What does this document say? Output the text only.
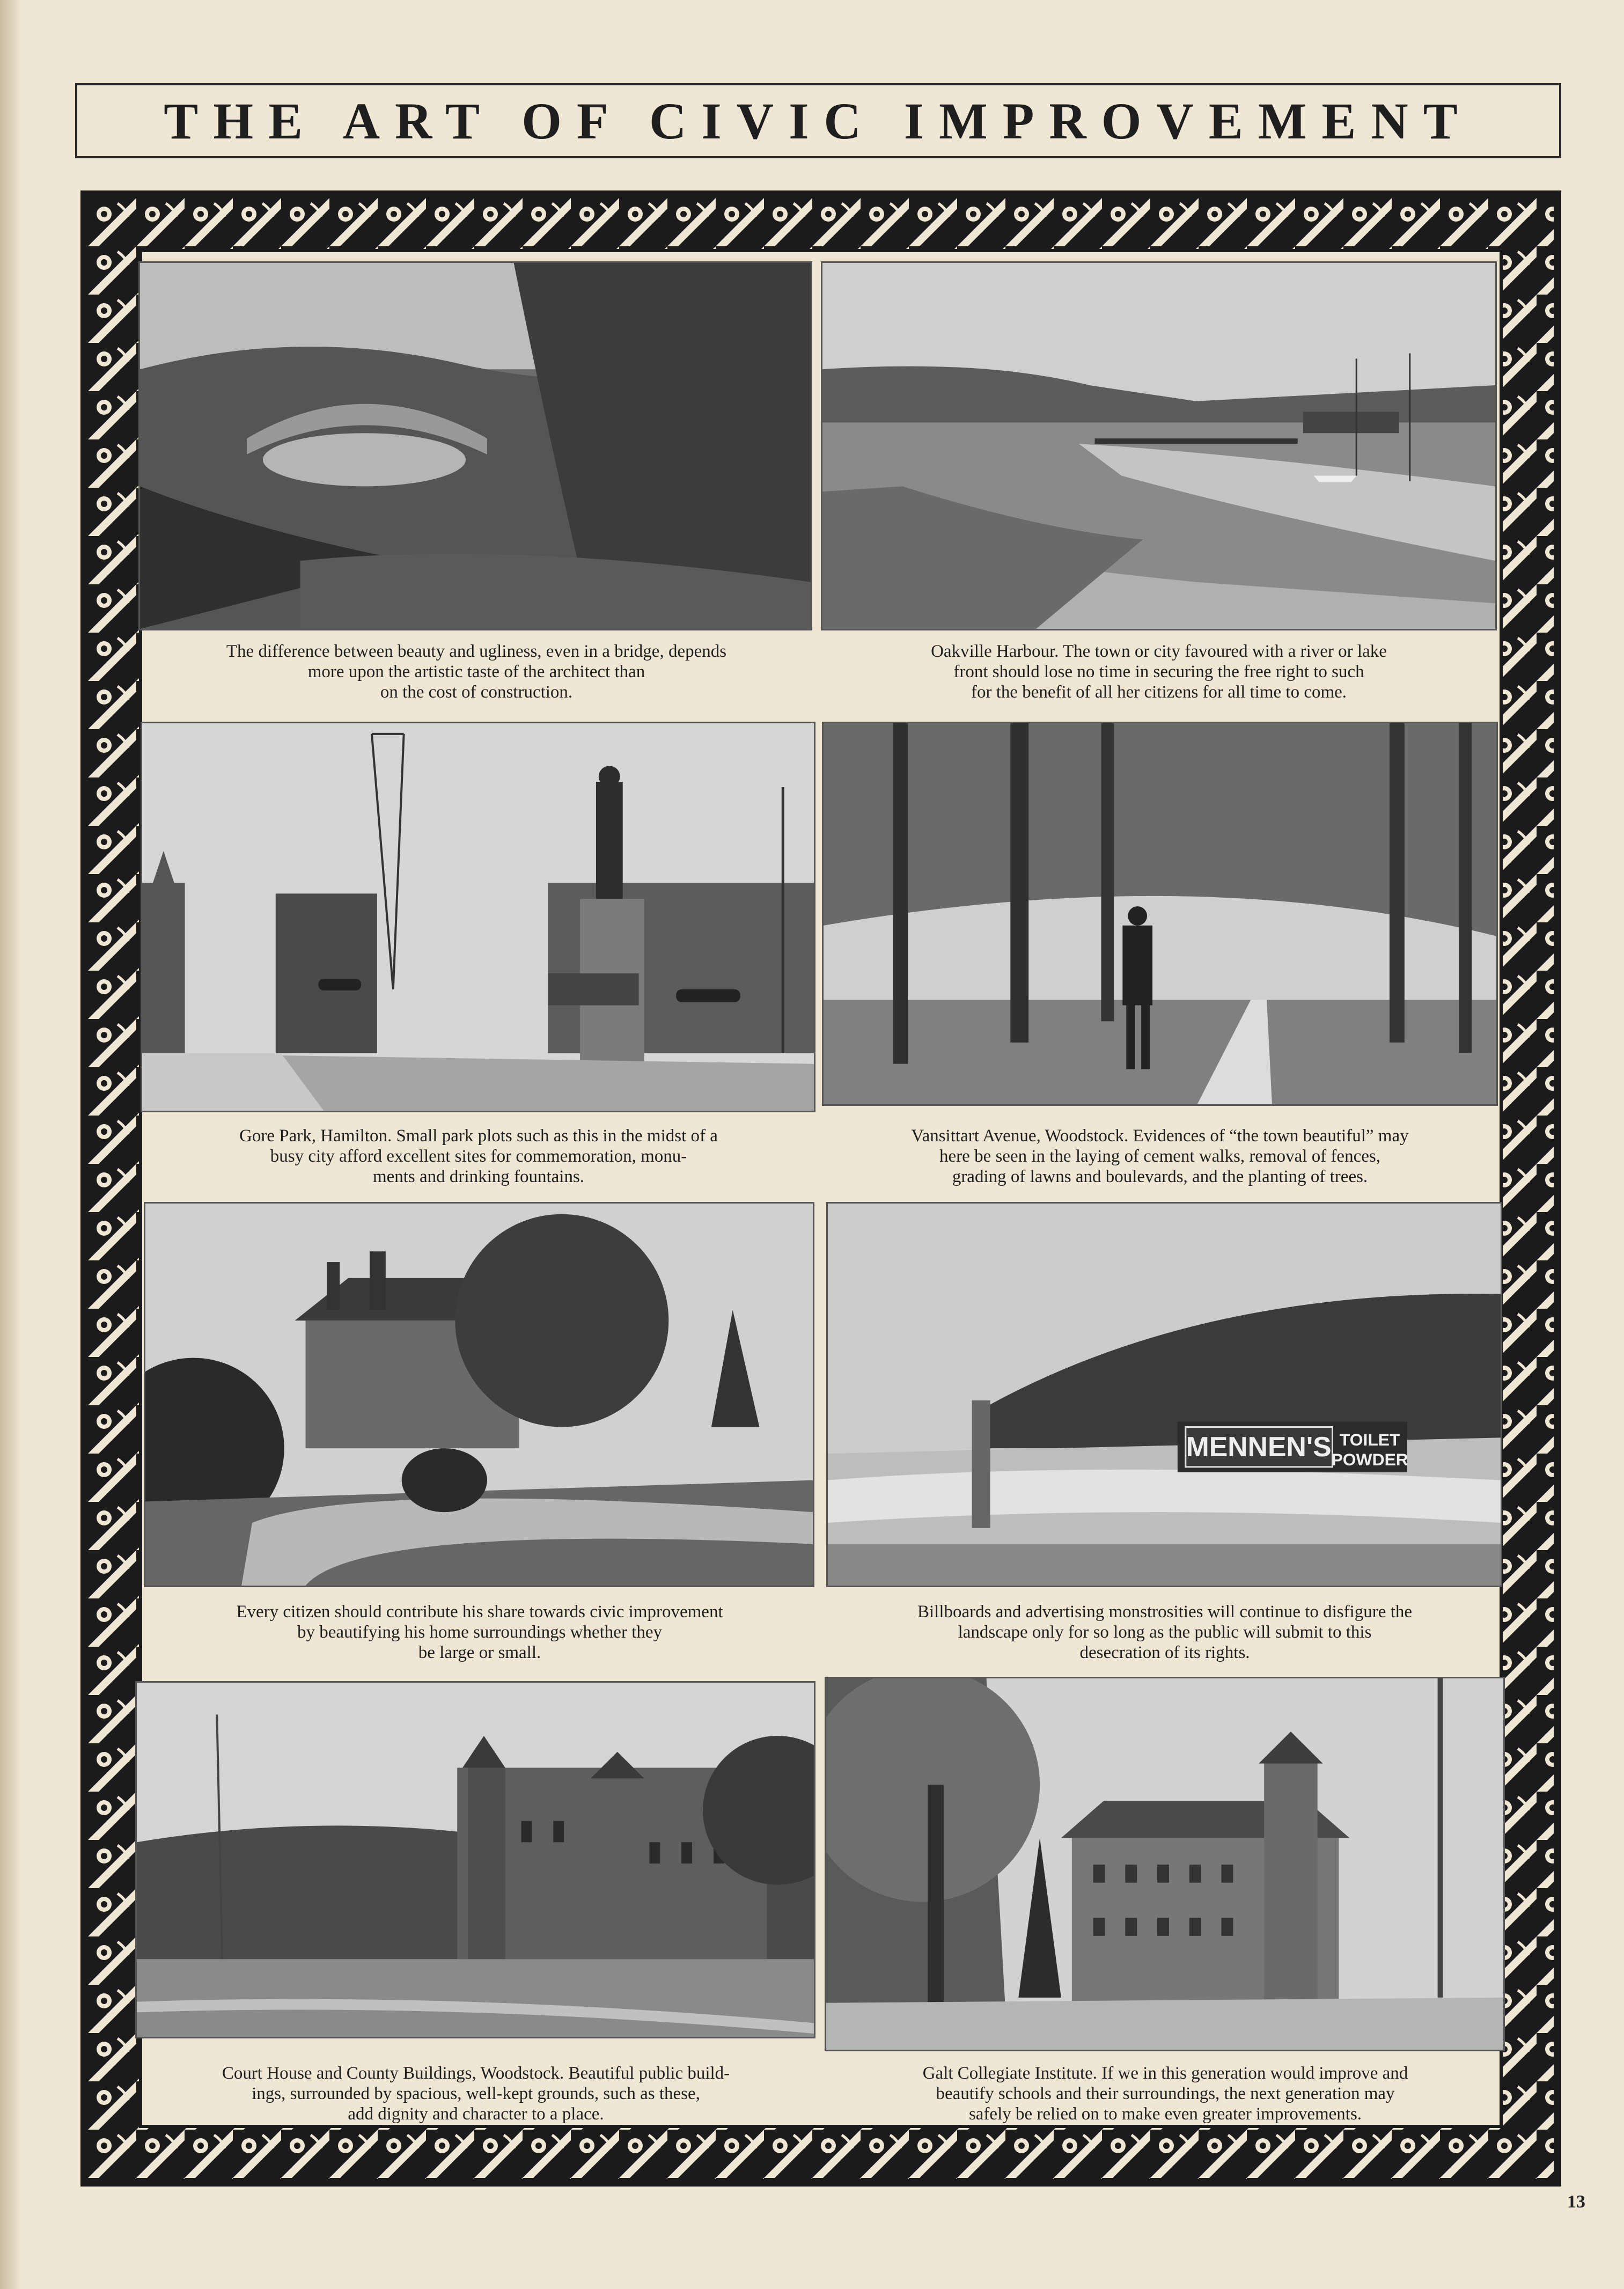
THE ART OF CIVIC IMPROVEMENT
MENNEN'S TOILET
POWDER
The difference between beauty and ugliness, even in a bridge, depends
more upon the artistic taste of the architect than
on the cost of construction.
Oakville Harbour. The town or city favoured with a river or lake
front should lose no time in securing the free right to such
for the benefit of all her citizens for all time to come.
Gore Park, Hamilton. Small park plots such as this in the midst of a
busy city afford excellent sites for commemoration, monu-
ments and drinking fountains.
Vansittart Avenue, Woodstock. Evidences of “the town beautiful” may
here be seen in the laying of cement walks, removal of fences,
grading of lawns and boulevards, and the planting of trees.
Every citizen should contribute his share towards civic improvement
by beautifying his home surroundings whether they
be large or small.
Billboards and advertising monstrosities will continue to disfigure the
landscape only for so long as the public will submit to this
desecration of its rights.
Court House and County Buildings, Woodstock. Beautiful public build-
ings, surrounded by spacious, well-kept grounds, such as these,
add dignity and character to a place.
Galt Collegiate Institute. If we in this generation would improve and
beautify schools and their surroundings, the next generation may
safely be relied on to make even greater improvements.
13
